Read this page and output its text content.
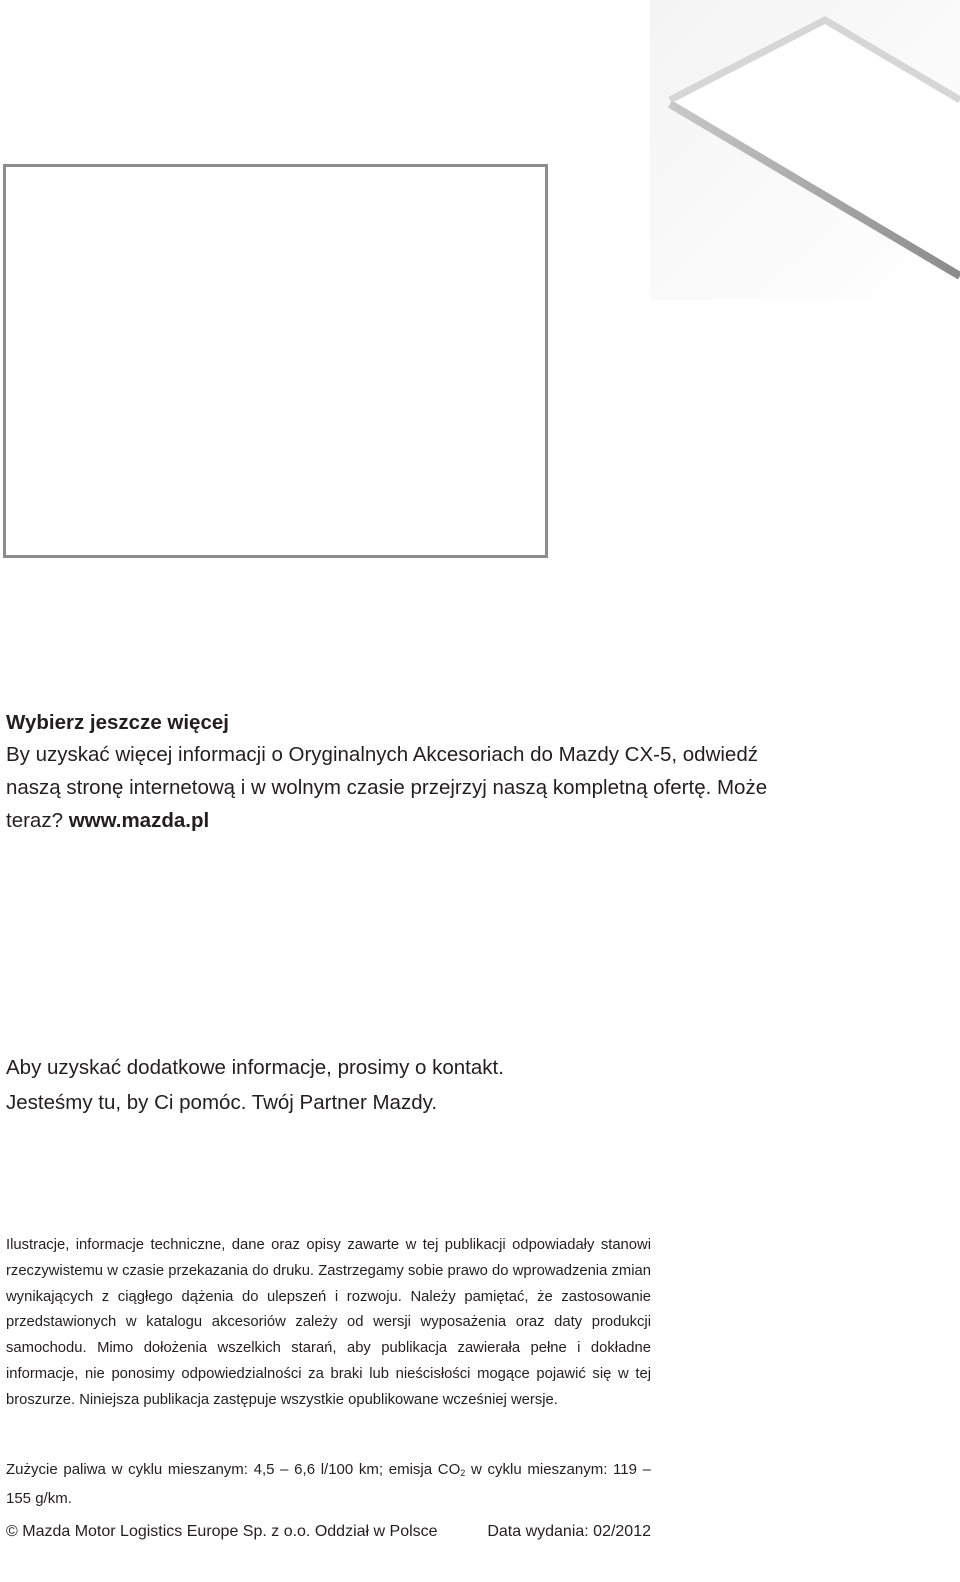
Wybierz jeszcze więcej

By uzyskać więcej informacji o Oryginalnych Akcesoriach do Mazdy CX-5, odwiedź naszą stronę internetową i w wolnym czasie przejrzyj naszą kompletną ofertę. Może teraz? www.mazda.pl

Aby uzyskać dodatkowe informacje, prosimy o kontakt.

Jesteśmy tu, by Ci pomóc. Twój Partner Mazdy.

Ilustracje, informacje techniczne, dane oraz opisy zawarte w tej publikacji odpowiadały stanowi rzeczywistemu w czasie przekazania do druku. Zastrzegamy sobie prawo do wprowadzenia zmian wynikających z ciągłego dążenia do ulepszeń i rozwoju. Należy pamiętać, że zastosowanie przedstawionych w katalogu akcesoriów zależy od wersji wyposażenia oraz daty produkcji samochodu. Mimo dołożenia wszelkich starań, aby publikacja zawierała pełne i dokładne informacje, nie ponosimy odpowiedzialności za braki lub nieścisłości mogące pojawić się w tej broszurze. Niniejsza publikacja zastępuje wszystkie opublikowane wcześniej wersje.

Zużycie paliwa w cyklu mieszanym: 4,5 – 6,6 l/100 km; emisja $CO_2$ w cyklu mieszanym: 119 – 155 g/km.

© Mazda Motor Logistics Europe Sp. z o.o. Oddział w Polsce	Data wydania: 02/2012
